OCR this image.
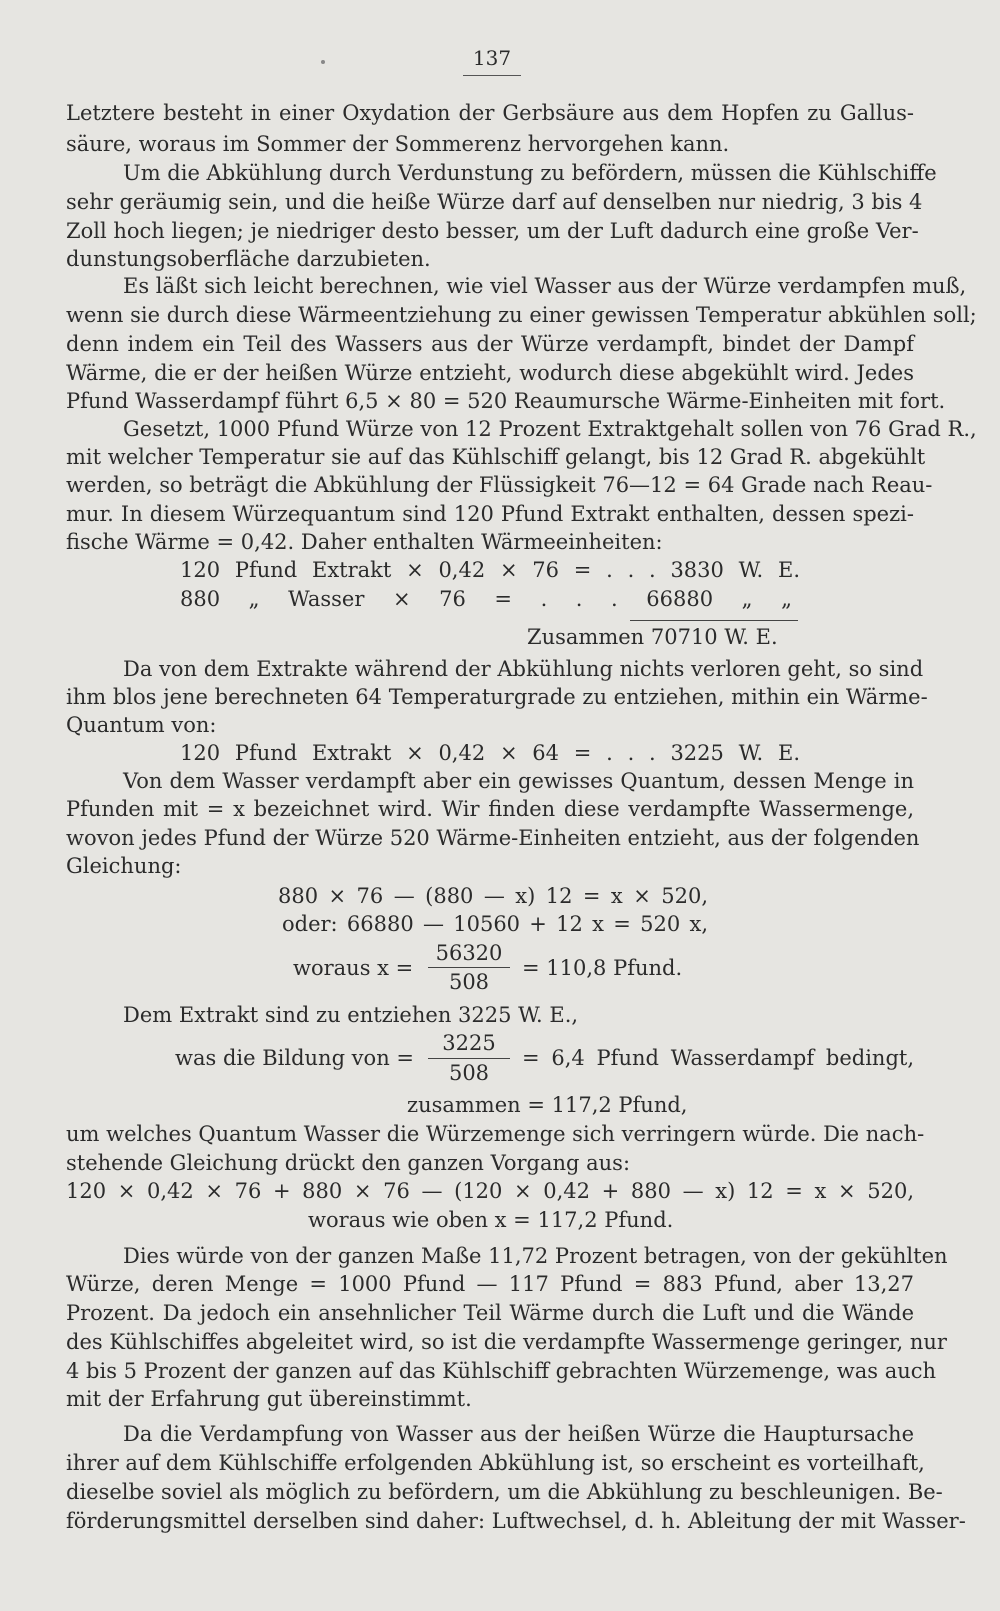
137
Letztere besteht in einer Oxydation der Gerbsäure aus dem Hopfen zu Gallus-
säure, woraus im Sommer der Sommerenz hervorgehen kann.
Um die Abkühlung durch Verdunstung zu befördern, müssen die Kühlschiffe
sehr geräumig sein, und die heiße Würze darf auf denselben nur niedrig, 3 bis 4
Zoll hoch liegen; je niedriger desto besser, um der Luft dadurch eine große Ver-
dunstungsoberfläche darzubieten.
Es läßt sich leicht berechnen, wie viel Wasser aus der Würze verdampfen muß,
wenn sie durch diese Wärmeentziehung zu einer gewissen Temperatur abkühlen soll;
denn indem ein Teil des Wassers aus der Würze verdampft, bindet der Dampf
Wärme, die er der heißen Würze entzieht, wodurch diese abgekühlt wird. Jedes
Pfund Wasserdampf führt 6,5 × 80 = 520 Reaumursche Wärme-Einheiten mit fort.
Gesetzt, 1000 Pfund Würze von 12 Prozent Extraktgehalt sollen von 76 Grad R.,
mit welcher Temperatur sie auf das Kühlschiff gelangt, bis 12 Grad R. abgekühlt
werden, so beträgt die Abkühlung der Flüssigkeit 76—12 = 64 Grade nach Reau-
mur. In diesem Würzequantum sind 120 Pfund Extrakt enthalten, dessen spezi-
fische Wärme = 0,42. Daher enthalten Wärmeeinheiten:
120 Pfund Extrakt × 0,42 × 76 = . . . 3830 W. E.
880 „ Wasser × 76 = . . . 66880 „ „
Zusammen 70710 W. E.
Da von dem Extrakte während der Abkühlung nichts verloren geht, so sind
ihm blos jene berechneten 64 Temperaturgrade zu entziehen, mithin ein Wärme-
Quantum von:
120 Pfund Extrakt × 0,42 × 64 = . . . 3225 W. E.
Von dem Wasser verdampft aber ein gewisses Quantum, dessen Menge in
Pfunden mit = x bezeichnet wird. Wir finden diese verdampfte Wassermenge,
wovon jedes Pfund der Würze 520 Wärme-Einheiten entzieht, aus der folgenden
Gleichung:
880 × 76 — (880 — x) 12 = x × 520,
oder: 66880 — 10560 + 12 x = 520 x,
woraus x =
56320
508
= 110,8 Pfund.
Dem Extrakt sind zu entziehen 3225 W. E.,
was die Bildung von =
3225
508
= 6,4 Pfund Wasserdampf bedingt,
zusammen = 117,2 Pfund,
um welches Quantum Wasser die Würzemenge sich verringern würde. Die nach-
stehende Gleichung drückt den ganzen Vorgang aus:
120 × 0,42 × 76 + 880 × 76 — (120 × 0,42 + 880 — x) 12 = x × 520,
woraus wie oben x = 117,2 Pfund.
Dies würde von der ganzen Maße 11,72 Prozent betragen, von der gekühlten
Würze, deren Menge = 1000 Pfund — 117 Pfund = 883 Pfund, aber 13,27
Prozent. Da jedoch ein ansehnlicher Teil Wärme durch die Luft und die Wände
des Kühlschiffes abgeleitet wird, so ist die verdampfte Wassermenge geringer, nur
4 bis 5 Prozent der ganzen auf das Kühlschiff gebrachten Würzemenge, was auch
mit der Erfahrung gut übereinstimmt.
Da die Verdampfung von Wasser aus der heißen Würze die Hauptursache
ihrer auf dem Kühlschiffe erfolgenden Abkühlung ist, so erscheint es vorteilhaft,
dieselbe soviel als möglich zu befördern, um die Abkühlung zu beschleunigen. Be-
förderungsmittel derselben sind daher: Luftwechsel, d. h. Ableitung der mit Wasser-
